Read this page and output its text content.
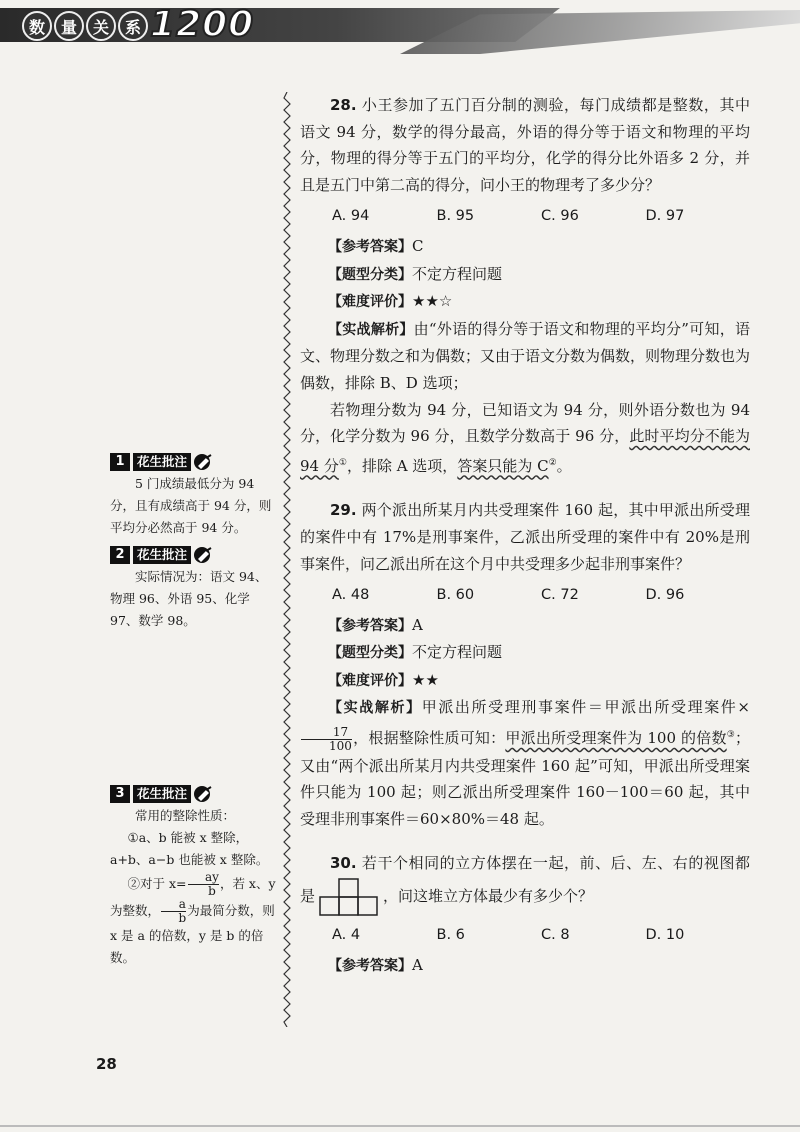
数 量 关 系 1200
1 花生批注

5 门成绩最低分为 94 分，且有成绩高于 94 分，则平均分必然高于 94 分。

2 花生批注

实际情况为：语文 94、物理 96、外语 95、化学 97、数学 98。

3 花生批注

常用的整除性质：

①a、b 能被 x 整除，a+b、a−b 也能被 x 整除。

②对于 $x= \frac{ay}{b}$ ，若 x、y 为整数， $\frac{a}{b}$ 为最简分数，则 x 是 a 的倍数，y 是 b 的倍数。

28. 小王参加了五门百分制的测验，每门成绩都是整数，其中语文 94 分，数学的得分最高，外语的得分等于语文和物理的平均分，物理的得分等于五门的平均分，化学的得分比外语多 2 分，并且是五门中第二高的得分，问小王的物理考了多少分？

A. 94	B. 95	C. 96	D. 97

【参考答案】C

【题型分类】不定方程问题

【难度评价】★★☆

【实战解析】由“外语的得分等于语文和物理的平均分”可知，语文、物理分数之和为偶数；又由于语文分数为偶数，则物理分数也为偶数，排除 B、D 选项；

若物理分数为 94 分，已知语文为 94 分，则外语分数也为 94 分，化学分数为 96 分，且数学分数高于 96 分，此时平均分不能为 94 分①，排除 A 选项，答案只能为 C②。

29. 两个派出所某月内共受理案件 160 起，其中甲派出所受理的案件中有 17%是刑事案件，乙派出所受理的案件中有 20%是刑事案件，问乙派出所在这个月中共受理多少起非刑事案件？

A. 48	B. 60	C. 72	D. 96

【参考答案】A

【题型分类】不定方程问题

【难度评价】★★

【实战解析】甲派出所受理刑事案件＝甲派出所受理案件×
$\frac{17}{100}$ ，根据整除性质可知：甲派出所受理案件为 100 的倍数③；又由“两个派出所某月内共受理案件 160 起”可知，甲派出所受理案件只能为 100 起；则乙派出所受理案件 160－100＝60 起，其中受理非刑事案件＝60×80%＝48 起。

30. 若干个相同的立方体摆在一起，前、后、左、右的视图都是	，问这堆立方体最少有多少个？

A. 4	B. 6	C. 8	D. 10

【参考答案】A

28
